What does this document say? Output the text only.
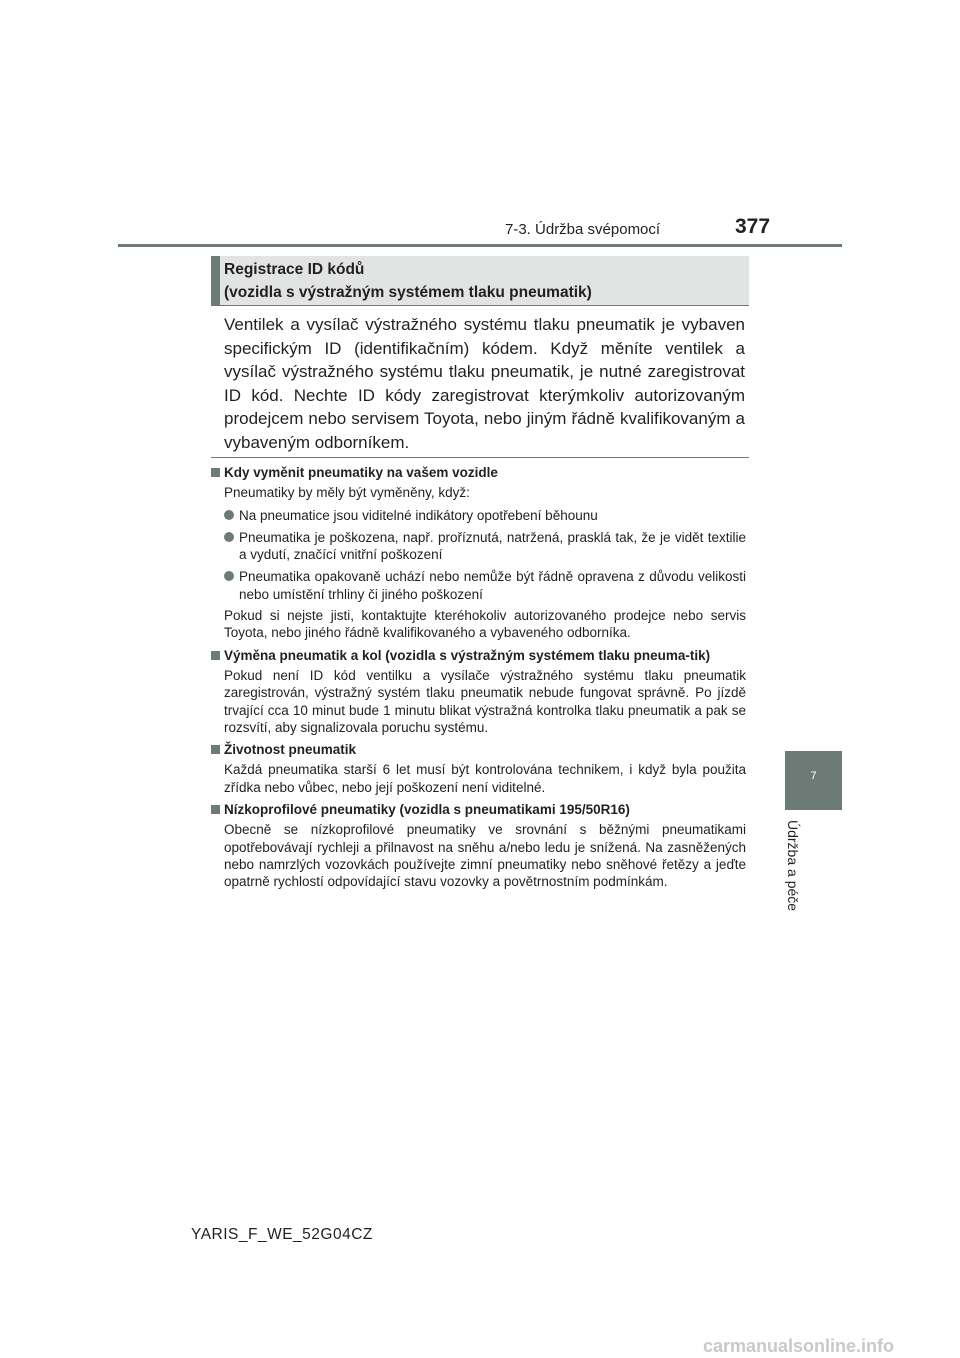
7-3. Údržba svépomocí	377
7
Údržba a péče
Registrace ID kódů
(vozidla s výstražným systémem tlaku pneumatik)
Ventilek a vysílač výstražného systému tlaku pneumatik je vybaven specifickým ID (identifikačním) kódem. Když měníte ventilek a vysílač výstražného systému tlaku pneumatik, je nutné zaregistrovat ID kód. Nechte ID kódy zaregistrovat kterýmkoliv autorizovaným prodejcem nebo servisem Toyota, nebo jiným řádně kvalifikovaným a vybaveným odborníkem.
Kdy vyměnit pneumatiky na vašem vozidle
Pneumatiky by měly být vyměněny, když:
Na pneumatice jsou viditelné indikátory opotřebení běhounu
Pneumatika je poškozena, např. proříznutá, natržená, prasklá tak, že je vidět textilie a vydutí, značící vnitřní poškození
Pneumatika opakovaně uchází nebo nemůže být řádně opravena z důvodu velikosti nebo umístění trhliny či jiného poškození
Pokud si nejste jisti, kontaktujte kteréhokoliv autorizovaného prodejce nebo servis Toyota, nebo jiného řádně kvalifikovaného a vybaveného odborníka.
Výměna pneumatik a kol (vozidla s výstražným systémem tlaku pneuma-tik)
Pokud není ID kód ventilku a vysílače výstražného systému tlaku pneumatik zaregistrován, výstražný systém tlaku pneumatik nebude fungovat správně. Po jízdě trvající cca 10 minut bude 1 minutu blikat výstražná kontrolka tlaku pneumatik a pak se rozsvítí, aby signalizovala poruchu systému.
Životnost pneumatik
Každá pneumatika starší 6 let musí být kontrolována technikem, i když byla použita zřídka nebo vůbec, nebo její poškození není viditelné.
Nízkoprofilové pneumatiky (vozidla s pneumatikami 195/50R16)
Obecně se nízkoprofilové pneumatiky ve srovnání s běžnými pneumatikami opotřebovávají rychleji a přilnavost na sněhu a/nebo ledu je snížená. Na zasněžených nebo namrzlých vozovkách používejte zimní pneumatiky nebo sněhové řetězy a jeďte opatrně rychlostí odpovídající stavu vozovky a povětrnostním podmínkám.
YARIS_F_WE_52G04CZ
carmanualsonline.info
